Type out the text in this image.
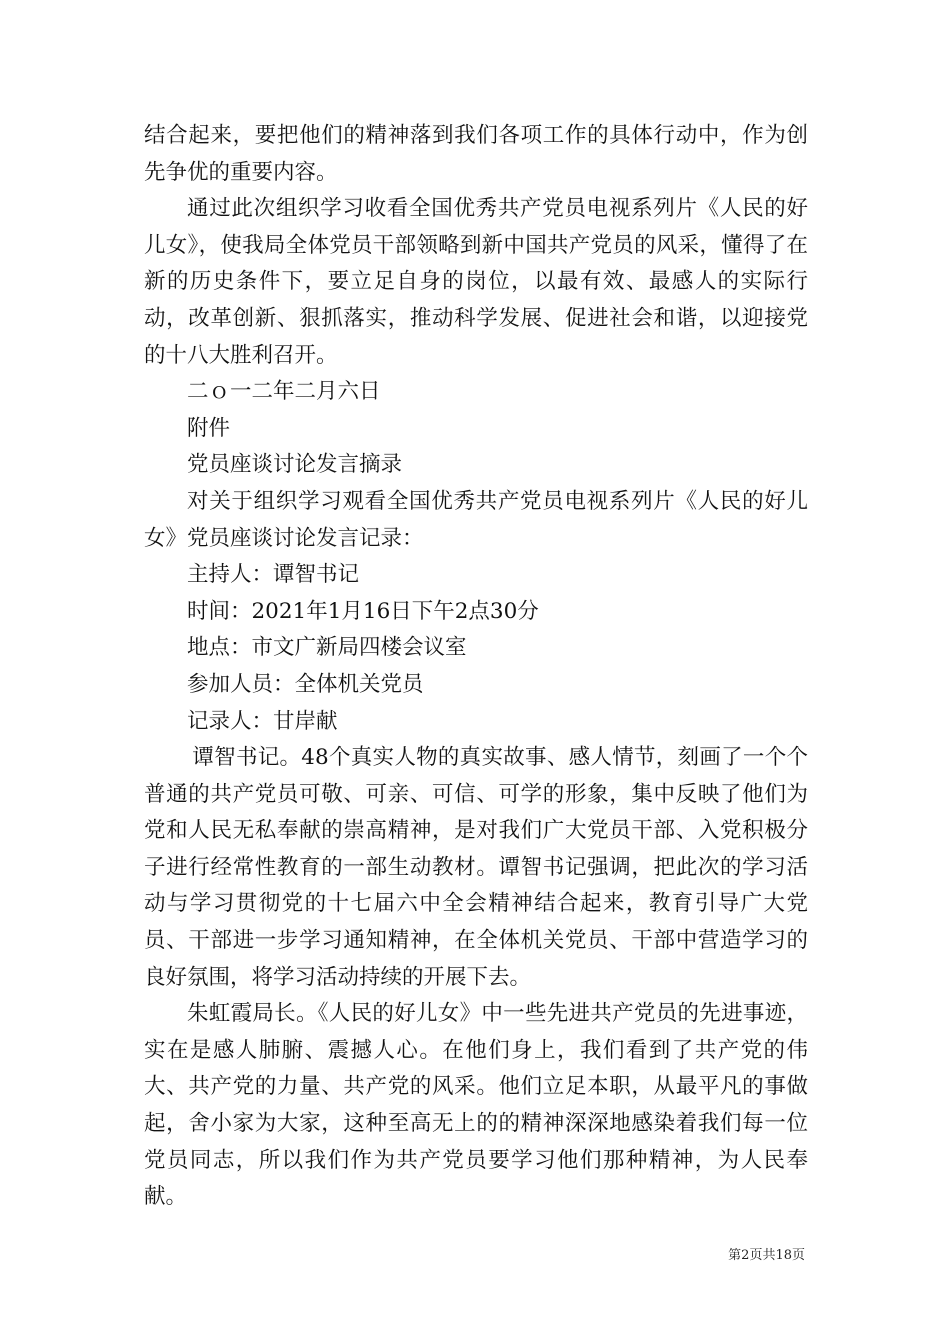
结合起来，要把他们的精神落到我们各项工作的具体行动中，作为创先争优的重要内容。

通过此次组织学习收看全国优秀共产党员电视系列片《人民的好儿女》，使我局全体党员干部领略到新中国共产党员的风采，懂得了在新的历史条件下，要立足自身的岗位，以最有效、最感人的实际行动，改革创新、狠抓落实，推动科学发展、促进社会和谐，以迎接党的十八大胜利召开。

二ｏ一二年二月六日

附件

党员座谈讨论发言摘录

对关于组织学习观看全国优秀共产党员电视系列片《人民的好儿女》党员座谈讨论发言记录：

主持人：谭智书记

时间：2021年1月16日下午2点30分

地点：市文广新局四楼会议室

参加人员：全体机关党员

记录人：甘岸献

谭智书记。48个真实人物的真实故事、感人情节，刻画了一个个普通的共产党员可敬、可亲、可信、可学的形象，集中反映了他们为党和人民无私奉献的崇高精神，是对我们广大党员干部、入党积极分子进行经常性教育的一部生动教材。谭智书记强调，把此次的学习活动与学习贯彻党的十七届六中全会精神结合起来，教育引导广大党员、干部进一步学习通知精神，在全体机关党员、干部中营造学习的良好氛围，将学习活动持续的开展下去。

朱虹霞局长。《人民的好儿女》中一些先进共产党员的先进事迹，实在是感人肺腑、震撼人心。在他们身上，我们看到了共产党的伟大、共产党的力量、共产党的风采。他们立足本职，从最平凡的事做起，舍小家为大家，这种至高无上的的精神深深地感染着我们每一位党员同志，所以我们作为共产党员要学习他们那种精神，为人民奉献。

第2页共18页
